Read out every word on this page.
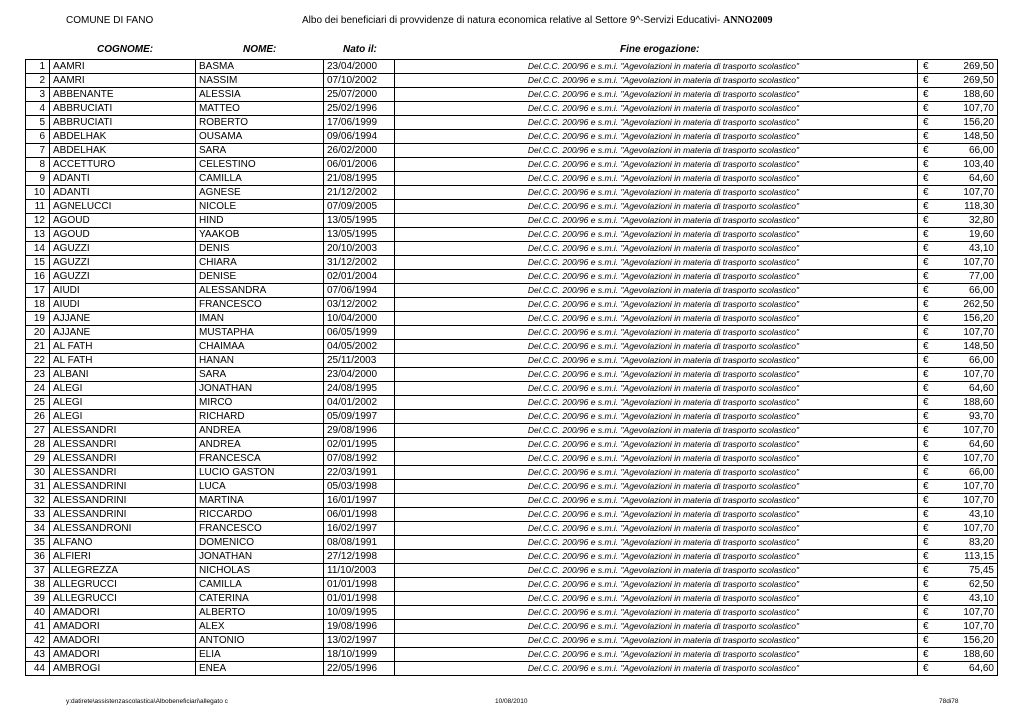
COMUNE DI FANO	Albo dei beneficiari di provvidenze di natura economica relative al Settore 9^-Servizi Educativi- ANNO2009
COGNOME:	NOME:	Nato il:	Fine erogazione:
1	AAMRI	BASMA	23/04/2000	Del.C.C. 200/96 e s.m.i. "Agevolazioni in materia di trasporto scolastico"	€	269,50
2	AAMRI	NASSIM	07/10/2002	Del.C.C. 200/96 e s.m.i. "Agevolazioni in materia di trasporto scolastico"	€	269,50
3	ABBENANTE	ALESSIA	25/07/2000	Del.C.C. 200/96 e s.m.i. "Agevolazioni in materia di trasporto scolastico"	€	188,60
4	ABBRUCIATI	MATTEO	25/02/1996	Del.C.C. 200/96 e s.m.i. "Agevolazioni in materia di trasporto scolastico"	€	107,70
5	ABBRUCIATI	ROBERTO	17/06/1999	Del.C.C. 200/96 e s.m.i. "Agevolazioni in materia di trasporto scolastico"	€	156,20
6	ABDELHAK	OUSAMA	09/06/1994	Del.C.C. 200/96 e s.m.i. "Agevolazioni in materia di trasporto scolastico"	€	148,50
7	ABDELHAK	SARA	26/02/2000	Del.C.C. 200/96 e s.m.i. "Agevolazioni in materia di trasporto scolastico"	€	66,00
8	ACCETTURO	CELESTINO	06/01/2006	Del.C.C. 200/96 e s.m.i. "Agevolazioni in materia di trasporto scolastico"	€	103,40
9	ADANTI	CAMILLA	21/08/1995	Del.C.C. 200/96 e s.m.i. "Agevolazioni in materia di trasporto scolastico"	€	64,60
10	ADANTI	AGNESE	21/12/2002	Del.C.C. 200/96 e s.m.i. "Agevolazioni in materia di trasporto scolastico"	€	107,70
11	AGNELUCCI	NICOLE	07/09/2005	Del.C.C. 200/96 e s.m.i. "Agevolazioni in materia di trasporto scolastico"	€	118,30
12	AGOUD	HIND	13/05/1995	Del.C.C. 200/96 e s.m.i. "Agevolazioni in materia di trasporto scolastico"	€	32,80
13	AGOUD	YAAKOB	13/05/1995	Del.C.C. 200/96 e s.m.i. "Agevolazioni in materia di trasporto scolastico"	€	19,60
14	AGUZZI	DENIS	20/10/2003	Del.C.C. 200/96 e s.m.i. "Agevolazioni in materia di trasporto scolastico"	€	43,10
15	AGUZZI	CHIARA	31/12/2002	Del.C.C. 200/96 e s.m.i. "Agevolazioni in materia di trasporto scolastico"	€	107,70
16	AGUZZI	DENISE	02/01/2004	Del.C.C. 200/96 e s.m.i. "Agevolazioni in materia di trasporto scolastico"	€	77,00
17	AIUDI	ALESSANDRA	07/06/1994	Del.C.C. 200/96 e s.m.i. "Agevolazioni in materia di trasporto scolastico"	€	66,00
18	AIUDI	FRANCESCO	03/12/2002	Del.C.C. 200/96 e s.m.i. "Agevolazioni in materia di trasporto scolastico"	€	262,50
19	AJJANE	IMAN	10/04/2000	Del.C.C. 200/96 e s.m.i. "Agevolazioni in materia di trasporto scolastico"	€	156,20
20	AJJANE	MUSTAPHA	06/05/1999	Del.C.C. 200/96 e s.m.i. "Agevolazioni in materia di trasporto scolastico"	€	107,70
21	AL FATH	CHAIMAA	04/05/2002	Del.C.C. 200/96 e s.m.i. "Agevolazioni in materia di trasporto scolastico"	€	148,50
22	AL FATH	HANAN	25/11/2003	Del.C.C. 200/96 e s.m.i. "Agevolazioni in materia di trasporto scolastico"	€	66,00
23	ALBANI	SARA	23/04/2000	Del.C.C. 200/96 e s.m.i. "Agevolazioni in materia di trasporto scolastico"	€	107,70
24	ALEGI	JONATHAN	24/08/1995	Del.C.C. 200/96 e s.m.i. "Agevolazioni in materia di trasporto scolastico"	€	64,60
25	ALEGI	MIRCO	04/01/2002	Del.C.C. 200/96 e s.m.i. "Agevolazioni in materia di trasporto scolastico"	€	188,60
26	ALEGI	RICHARD	05/09/1997	Del.C.C. 200/96 e s.m.i. "Agevolazioni in materia di trasporto scolastico"	€	93,70
27	ALESSANDRI	ANDREA	29/08/1996	Del.C.C. 200/96 e s.m.i. "Agevolazioni in materia di trasporto scolastico"	€	107,70
28	ALESSANDRI	ANDREA	02/01/1995	Del.C.C. 200/96 e s.m.i. "Agevolazioni in materia di trasporto scolastico"	€	64,60
29	ALESSANDRI	FRANCESCA	07/08/1992	Del.C.C. 200/96 e s.m.i. "Agevolazioni in materia di trasporto scolastico"	€	107,70
30	ALESSANDRI	LUCIO GASTON	22/03/1991	Del.C.C. 200/96 e s.m.i. "Agevolazioni in materia di trasporto scolastico"	€	66,00
31	ALESSANDRINI	LUCA	05/03/1998	Del.C.C. 200/96 e s.m.i. "Agevolazioni in materia di trasporto scolastico"	€	107,70
32	ALESSANDRINI	MARTINA	16/01/1997	Del.C.C. 200/96 e s.m.i. "Agevolazioni in materia di trasporto scolastico"	€	107,70
33	ALESSANDRINI	RICCARDO	06/01/1998	Del.C.C. 200/96 e s.m.i. "Agevolazioni in materia di trasporto scolastico"	€	43,10
34	ALESSANDRONI	FRANCESCO	16/02/1997	Del.C.C. 200/96 e s.m.i. "Agevolazioni in materia di trasporto scolastico"	€	107,70
35	ALFANO	DOMENICO	08/08/1991	Del.C.C. 200/96 e s.m.i. "Agevolazioni in materia di trasporto scolastico"	€	83,20
36	ALFIERI	JONATHAN	27/12/1998	Del.C.C. 200/96 e s.m.i. "Agevolazioni in materia di trasporto scolastico"	€	113,15
37	ALLEGREZZA	NICHOLAS	11/10/2003	Del.C.C. 200/96 e s.m.i. "Agevolazioni in materia di trasporto scolastico"	€	75,45
38	ALLEGRUCCI	CAMILLA	01/01/1998	Del.C.C. 200/96 e s.m.i. "Agevolazioni in materia di trasporto scolastico"	€	62,50
39	ALLEGRUCCI	CATERINA	01/01/1998	Del.C.C. 200/96 e s.m.i. "Agevolazioni in materia di trasporto scolastico"	€	43,10
40	AMADORI	ALBERTO	10/09/1995	Del.C.C. 200/96 e s.m.i. "Agevolazioni in materia di trasporto scolastico"	€	107,70
41	AMADORI	ALEX	19/08/1996	Del.C.C. 200/96 e s.m.i. "Agevolazioni in materia di trasporto scolastico"	€	107,70
42	AMADORI	ANTONIO	13/02/1997	Del.C.C. 200/96 e s.m.i. "Agevolazioni in materia di trasporto scolastico"	€	156,20
43	AMADORI	ELIA	18/10/1999	Del.C.C. 200/96 e s.m.i. "Agevolazioni in materia di trasporto scolastico"	€	188,60
44	AMBROGI	ENEA	22/05/1996	Del.C.C. 200/96 e s.m.i. "Agevolazioni in materia di trasporto scolastico"	€	64,60
y:datirete\assistenzascolastica\Albobeneficiari\allegato c	10/08/2010	78di78
